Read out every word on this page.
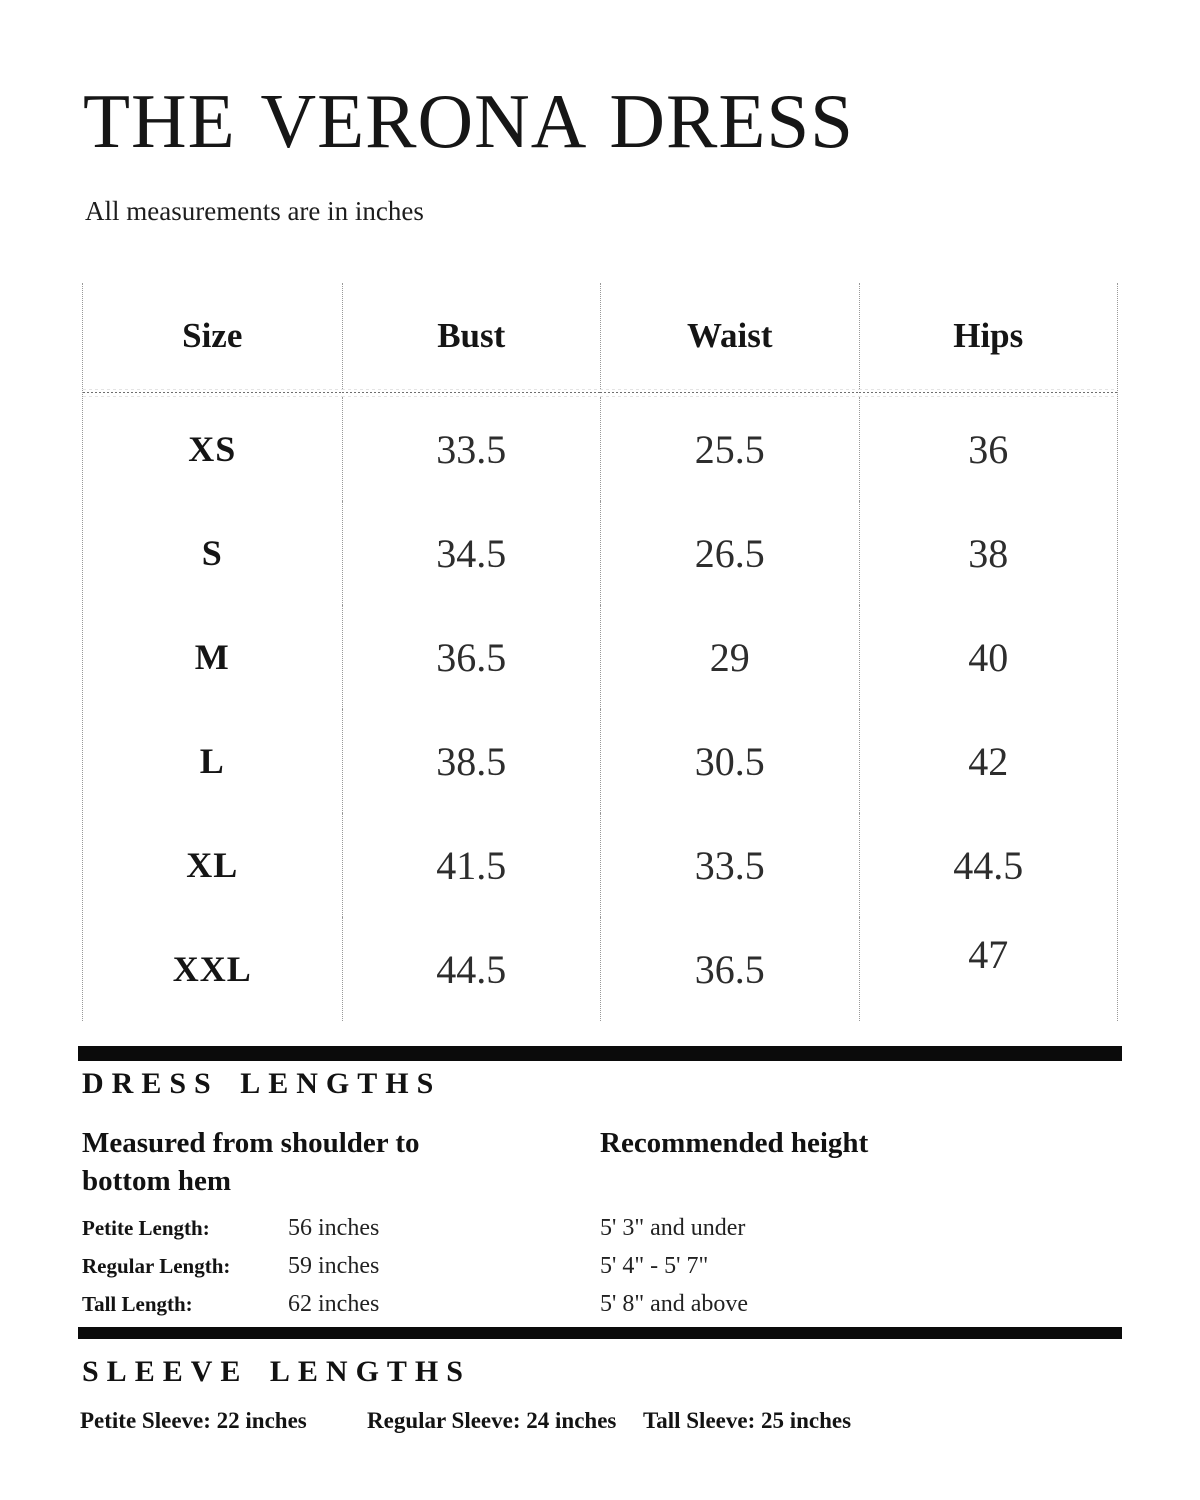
THE VERONA DRESS

All measurements are in inches

Size	Bust	Waist	Hips
XS	33.5	25.5	36
S	34.5	26.5	38
M	36.5	29	40
L	38.5	30.5	42
XL	41.5	33.5	44.5
XXL	44.5	36.5	47
DRESS LENGTHS

Measured from shoulder to bottom hem

Recommended height

Petite Length:	56 inches	5' 3" and under
Regular Length:	59 inches	5' 4" - 5' 7"
Tall Length:	62 inches	5' 8" and above
SLEEVE LENGTHS
Petite Sleeve: 22 inches	Regular Sleeve: 24 inches Tall Sleeve: 25 inches
